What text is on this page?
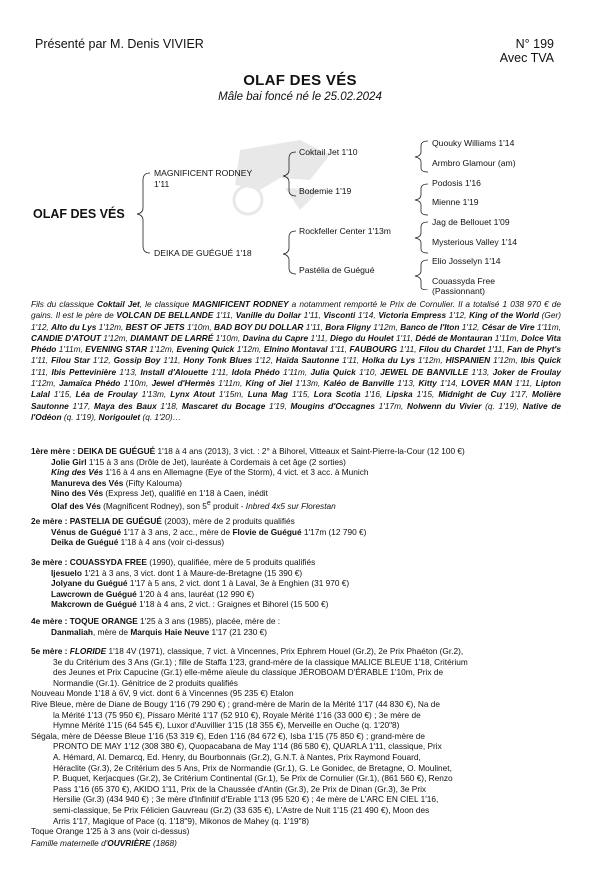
Présenté par M. Denis VIVIER	N° 199
Avec TVA
OLAF DES VÉS
Mâle bai foncé né le 25.02.2024
OLAF DES VÉS
MAGNIFICENT RODNEY
1'11
DEIKA DE GUÉGUÉ 1'18
Coktail Jet 1'10
Bodemie 1'19
Rockfeller Center 1'13m
Pastélia de Guégué
Quouky Williams 1'14
Armbro Glamour (am)
Podosis 1'16
Mienne 1'19
Jag de Bellouet 1'09
Mysterious Valley 1'14
Elio Josselyn 1'14
Couassyda Free
(Passionnant)
Fils du classique Coktail Jet, le classique MAGNIFICENT RODNEY a notamment remporté le Prix de Cornulier. Il a totalisé 1 038 970 € de gains. Il est le père de VOLCAN DE BELLANDE 1'11, Vanille du Dollar 1'11, Visconti 1'14, Victoria Empress 1'12, King of the World (Ger) 1'12, Alto du Lys 1'12m, BEST OF JETS 1'10m, BAD BOY DU DOLLAR 1'11, Bora Fligny 1'12m, Banco de l'Iton 1'12, César de Vire 1'11m, CANDIE D'ATOUT 1'12m, DIAMANT DE LARRÉ 1'10m, Davina du Capre 1'11, Diego du Houlet 1'11, Dédé de Montauran 1'11m, Dolce Vita Phédo 1'11m, EVENING STAR 1'12m, Evening Quick 1'12m, Elnino Montaval 1'11, FAUBOURG 1'11, Filou du Chardet 1'11, Fan de Phyt's 1'11, Filou Star 1'12, Gossip Boy 1'11, Hony Tonk Blues 1'12, Haïda Sautonne 1'11, Holka du Lys 1'12m, HISPANIEN 1'12m, Ibis Quick 1'11, Ibis Pettevinière 1'13, Install d'Alouette 1'11, Idola Phédo 1'11m, Julia Quick 1'10, JEWEL DE BANVILLE 1'13, Joker de Froulay 1'12m, Jamaïca Phédo 1'10m, Jewel d'Hermès 1'11m, King of Jiel 1'13m, Kaléo de Banville 1'13, Kitty 1'14, LOVER MAN 1'11, Lipton Lalal 1'15, Léa de Froulay 1'13m, Lynx Atout 1'15m, Luna Mag 1'15, Lora Scotia 1'16, Lipska 1'15, Midnight de Cuy 1'17, Molière Sautonne 1'17, Maya des Baux 1'18, Mascaret du Bocage 1'19, Mougins d'Occagnes 1'17m, Nolwenn du Vivier (q. 1'19), Native de l'Odéon (q. 1'19), Norigoulet (q. 1'20)…
1ère mère : DEIKA DE GUÉGUÉ 1'18 à 4 ans (2013), 3 vict. : 2° à Bihorel, Vitteaux et Saint-Pierre-la-Cour (12 100 €)
Jolie Girl 1'15 à 3 ans (Drôle de Jet), lauréate à Cordemais à cet âge (2 sorties)
King des Vés 1'16 à 4 ans en Allemagne (Eye of the Storm), 4 vict. et 3 acc. à Munich
Manureva des Vés (Fifty Kalouma)
Nino des Vés (Express Jet), qualifié en 1'18 à Caen, inédit
Olaf des Vés (Magnificent Rodney), son 5e produit - Inbred 4x5 sur Florestan
2e mère : PASTELIA DE GUÉGUÉ (2003), mère de 2 produits qualifiés
Vénus de Guégué 1'17 à 3 ans, 2 acc., mère de Flovie de Guégué 1'17m (12 790 €)
Deika de Guégué 1'18 à 4 ans (voir ci-dessus)
3e mère : COUASSYDA FREE (1990), qualifiée, mère de 5 produits qualifiés
Ijesuelo 1'21 à 3 ans, 3 vict. dont 1 à Maure-de-Bretagne (15 390 €)
Jolyane du Guégué 1'17 à 5 ans, 2 vict. dont 1 à Laval, 3e à Enghien (31 970 €)
Lawcrown de Guégué 1'20 à 4 ans, lauréat (12 990 €)
Makcrown de Guégué 1'18 à 4 ans, 2 vict. : Graignes et Bihorel (15 500 €)
4e mère : TOQUE ORANGE 1'25 à 3 ans (1985), placée, mère de :
Danmaliah, mère de Marquis Haie Neuve 1'17 (21 230 €)
5e mère : FLORIDE 1'18 4V (1971), classique, 7 vict. à Vincennes, Prix Ephrem Houel (Gr.2), 2e Prix Phaéton (Gr.2),
3e du Critérium des 3 Ans (Gr.1) ; fille de Staffa 1'23, grand-mère de la classique MALICE BLEUE 1'18, Critérium
des Jeunes et Prix Capucine (Gr.1) elle-même aïeule du classique JÉROBOAM D'ÉRABLE 1'10m, Prix de
Normandie (Gr.1). Génitrice de 2 produits qualifiés
Nouveau Monde 1'18 à 6V, 9 vict. dont 6 à Vincennes (95 235 €) Etalon
Rive Bleue, mère de Diane de Bougy 1'16 (79 290 €) ; grand-mère de Marin de la Mérité 1'17 (44 830 €), Na de
la Mérité 1'13 (75 950 €), Pissaro Mérité 1'17 (52 910 €), Royale Mérité 1'16 (33 000 €) ; 3e mère de
Hymne Mérité 1'15 (64 545 €), Luxor d'Auvillier 1'15 (18 355 €), Merveille en Ouche (q. 1'20"8)
Ségala, mère de Déesse Bleue 1'16 (53 319 €), Eden 1'16 (84 672 €), Isba 1'15 (75 850 €) ; grand-mère de
PRONTO DE MAY 1'12 (308 380 €), Quopacabana de May 1'14 (86 580 €), QUARLA 1'11, classique, Prix
A. Hémard, Al. Demarcq, Ed. Henry, du Bourbonnais (Gr.2), G.N.T. à Nantes, Prix Raymond Fouard,
Héraclite (Gr.3), 2e Critérium des 5 Ans, Prix de Normandie (Gr.1), G. Le Gonidec, de Bretagne, O. Moulinet,
P. Buquet, Kerjacques (Gr.2), 3e Critérium Continental (Gr.1), 5e Prix de Cornulier (Gr.1), (861 560 €), Renzo
Pass 1'16 (65 370 €), AKIDO 1'11, Prix de la Chaussée d'Antin (Gr.3), 2e Prix de Dinan (Gr.3), 3e Prix
Hersilie (Gr.3) (434 940 €) ; 3e mère d'Infinitif d'Erable 1'13 (95 520 €) ; 4e mère de L'ARC EN CIEL 1'16,
semi-classique, 5e Prix Félicien Gauvreau (Gr.2) (33 635 €), L'Astre de Nuit 1'15 (21 490 €), Moon des
Arris 1'17, Magique of Pace (q. 1'18"9), Mikonos de Mahey (q. 1'19"8)
Toque Orange 1'25 à 3 ans (voir ci-dessus)
Famille maternelle d'OUVRIÈRE (1868)
